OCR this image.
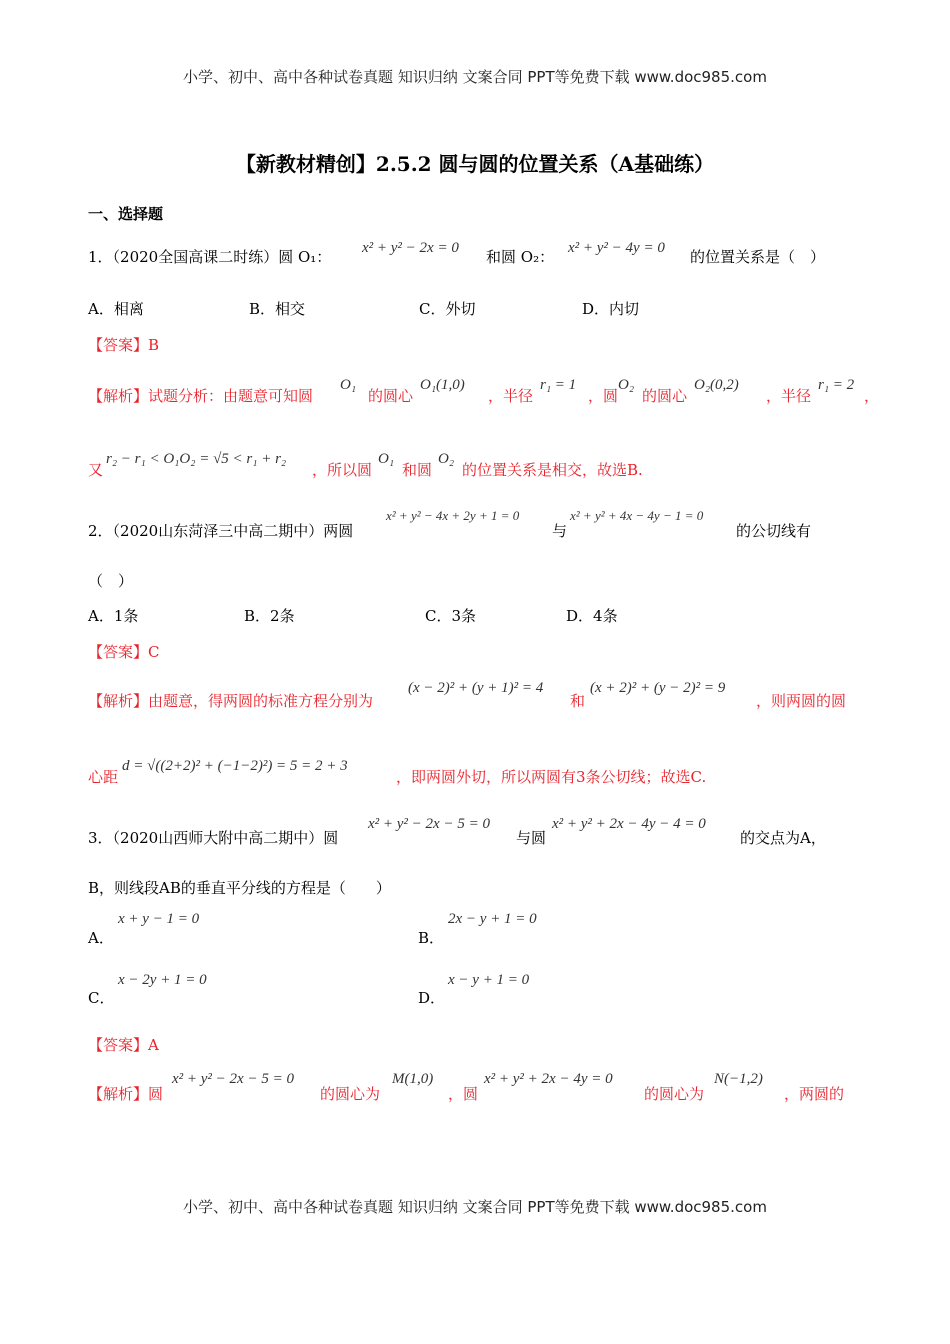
小学、初中、高中各种试卷真题 知识归纳 文案合同 PPT等免费下载 www.doc985.com
小学、初中、高中各种试卷真题 知识归纳 文案合同 PPT等免费下载 www.doc985.com
【新教材精创】2.5.2 圆与圆的位置关系（A基础练）
一、选择题
1．（2020全国高课二时练）圆 O₁： x² + y² − 2x = 0 和圆 O₂： x² + y² − 4y = 0 的位置关系是（　）
A．相离	B．相交	C．外切	D．内切
【答案】B
【解析】试题分析：由题意可知圆
O₁
的圆心
O₁(1,0)
，半径
r₁ = 1
，圆
O₂
的圆心
O₂(0,2)
，半径
r₁ = 2
，
又
r₂ − r₁ < O₁O₂ = √5 < r₁ + r₂
，所以圆
O₁
和圆
O₂
的位置关系是相交，故选B.
2．（2020山东菏泽三中高二期中）两圆
x² + y² − 4x + 2y + 1 = 0
与
x² + y² + 4x − 4y − 1 = 0
的公切线有
（　）
A．1条	B．2条	C．3条	D．4条
【答案】C
【解析】由题意，得两圆的标准方程分别为
(x − 2)² + (y + 1)² = 4
和
(x + 2)² + (y − 2)² = 9
，则两圆的圆
心距
d = √((2+2)² + (−1−2)²) = 5 = 2 + 3
，即两圆外切，所以两圆有3条公切线；故选C.
3．（2020山西师大附中高二期中）圆
x² + y² − 2x − 5 = 0
与圆
x² + y² + 2x − 4y − 4 = 0
的交点为A，
B，则线段AB的垂直平分线的方程是（　　）
A．
x + y − 1 = 0
B．
2x − y + 1 = 0
C．
x − 2y + 1 = 0
D．
x − y + 1 = 0
【答案】A
【解析】圆
x² + y² − 2x − 5 = 0
的圆心为
M(1,0)
，圆
x² + y² + 2x − 4y = 0
的圆心为
N(−1,2)
，两圆的
